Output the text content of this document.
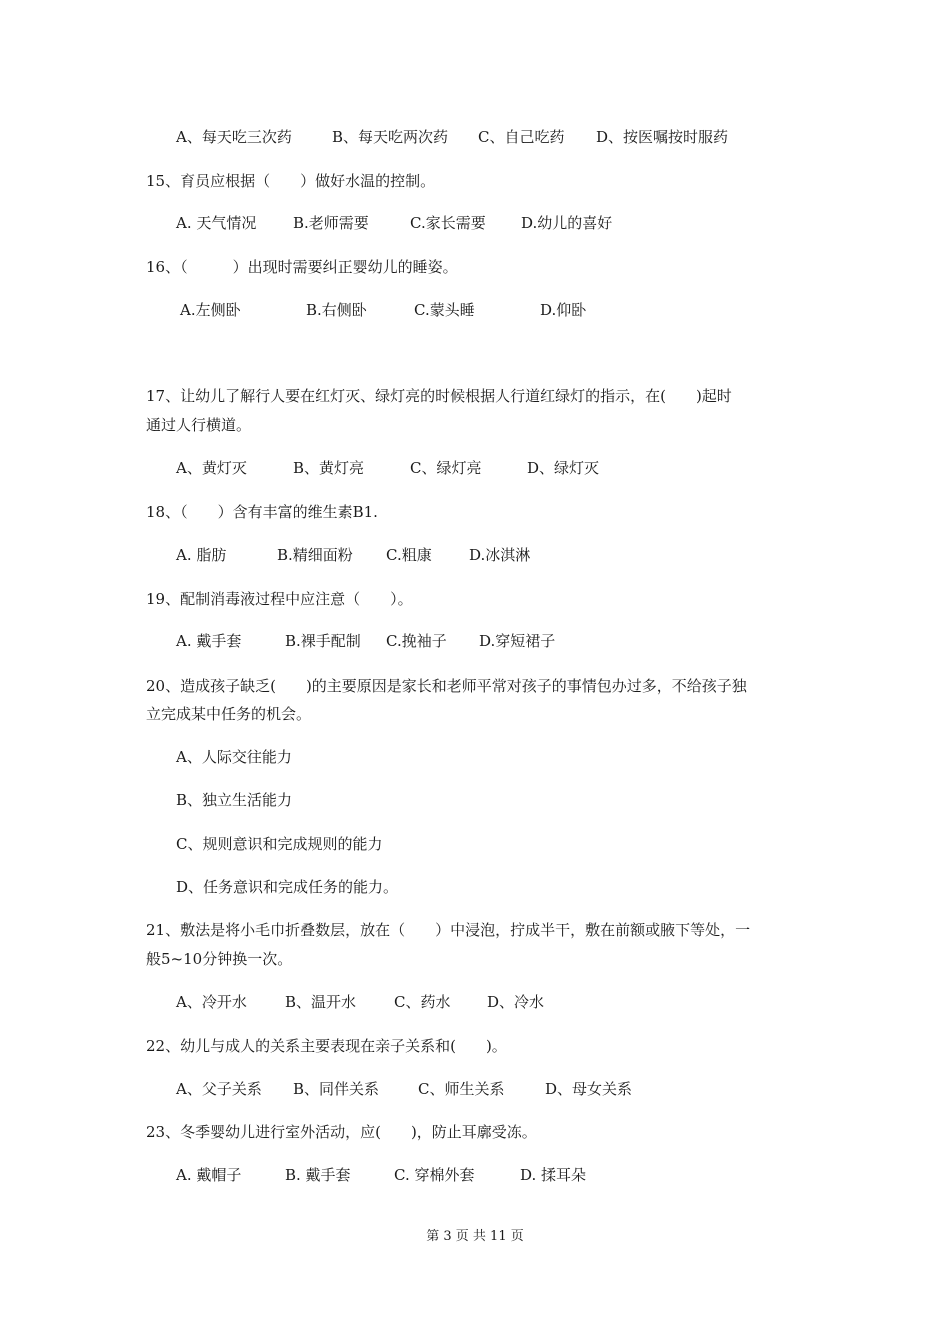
A、每天吃三次药	B、每天吃两次药 C、自己吃药 D、按医嘱按时服药
15、育员应根据（　　）做好水温的控制。
A. 天气情况 B.老师需要	C.家长需要 D.幼儿的喜好
16、（　　　）出现时需要纠正婴幼儿的睡姿。
A.左侧卧	B.右侧卧	C.蒙头睡	D.仰卧
17、让幼儿了解行人要在红灯灭、绿灯亮的时候根据人行道红绿灯的指示，在(　　)起时
通过人行横道。
A、黄灯灭	B、黄灯亮	C、绿灯亮	D、绿灯灭
18、（　　）含有丰富的维生素B1.
A. 脂肪	B.精细面粉 C.粗康 D.冰淇淋
19、配制消毒液过程中应注意（　　）。
A. 戴手套	B.裸手配制 C.挽袖子 D.穿短裙子
20、造成孩子缺乏(　　)的主要原因是家长和老师平常对孩子的事情包办过多，不给孩子独
立完成某中任务的机会。
A、人际交往能力
B、独立生活能力
C、规则意识和完成规则的能力
D、任务意识和完成任务的能力。
21、敷法是将小毛巾折叠数层，放在（　　）中浸泡，拧成半干，敷在前额或腋下等处，一
般5~10分钟换一次。
A、冷开水	B、温开水	C、药水 D、冷水
22、幼儿与成人的关系主要表现在亲子关系和(　　)。
A、父子关系 B、同伴关系	C、师生关系	D、母女关系
23、冬季婴幼儿进行室外活动，应(　　)，防止耳廓受冻。
A. 戴帽子	B. 戴手套	C. 穿棉外套	D. 揉耳朵
第 3 页 共 11 页
